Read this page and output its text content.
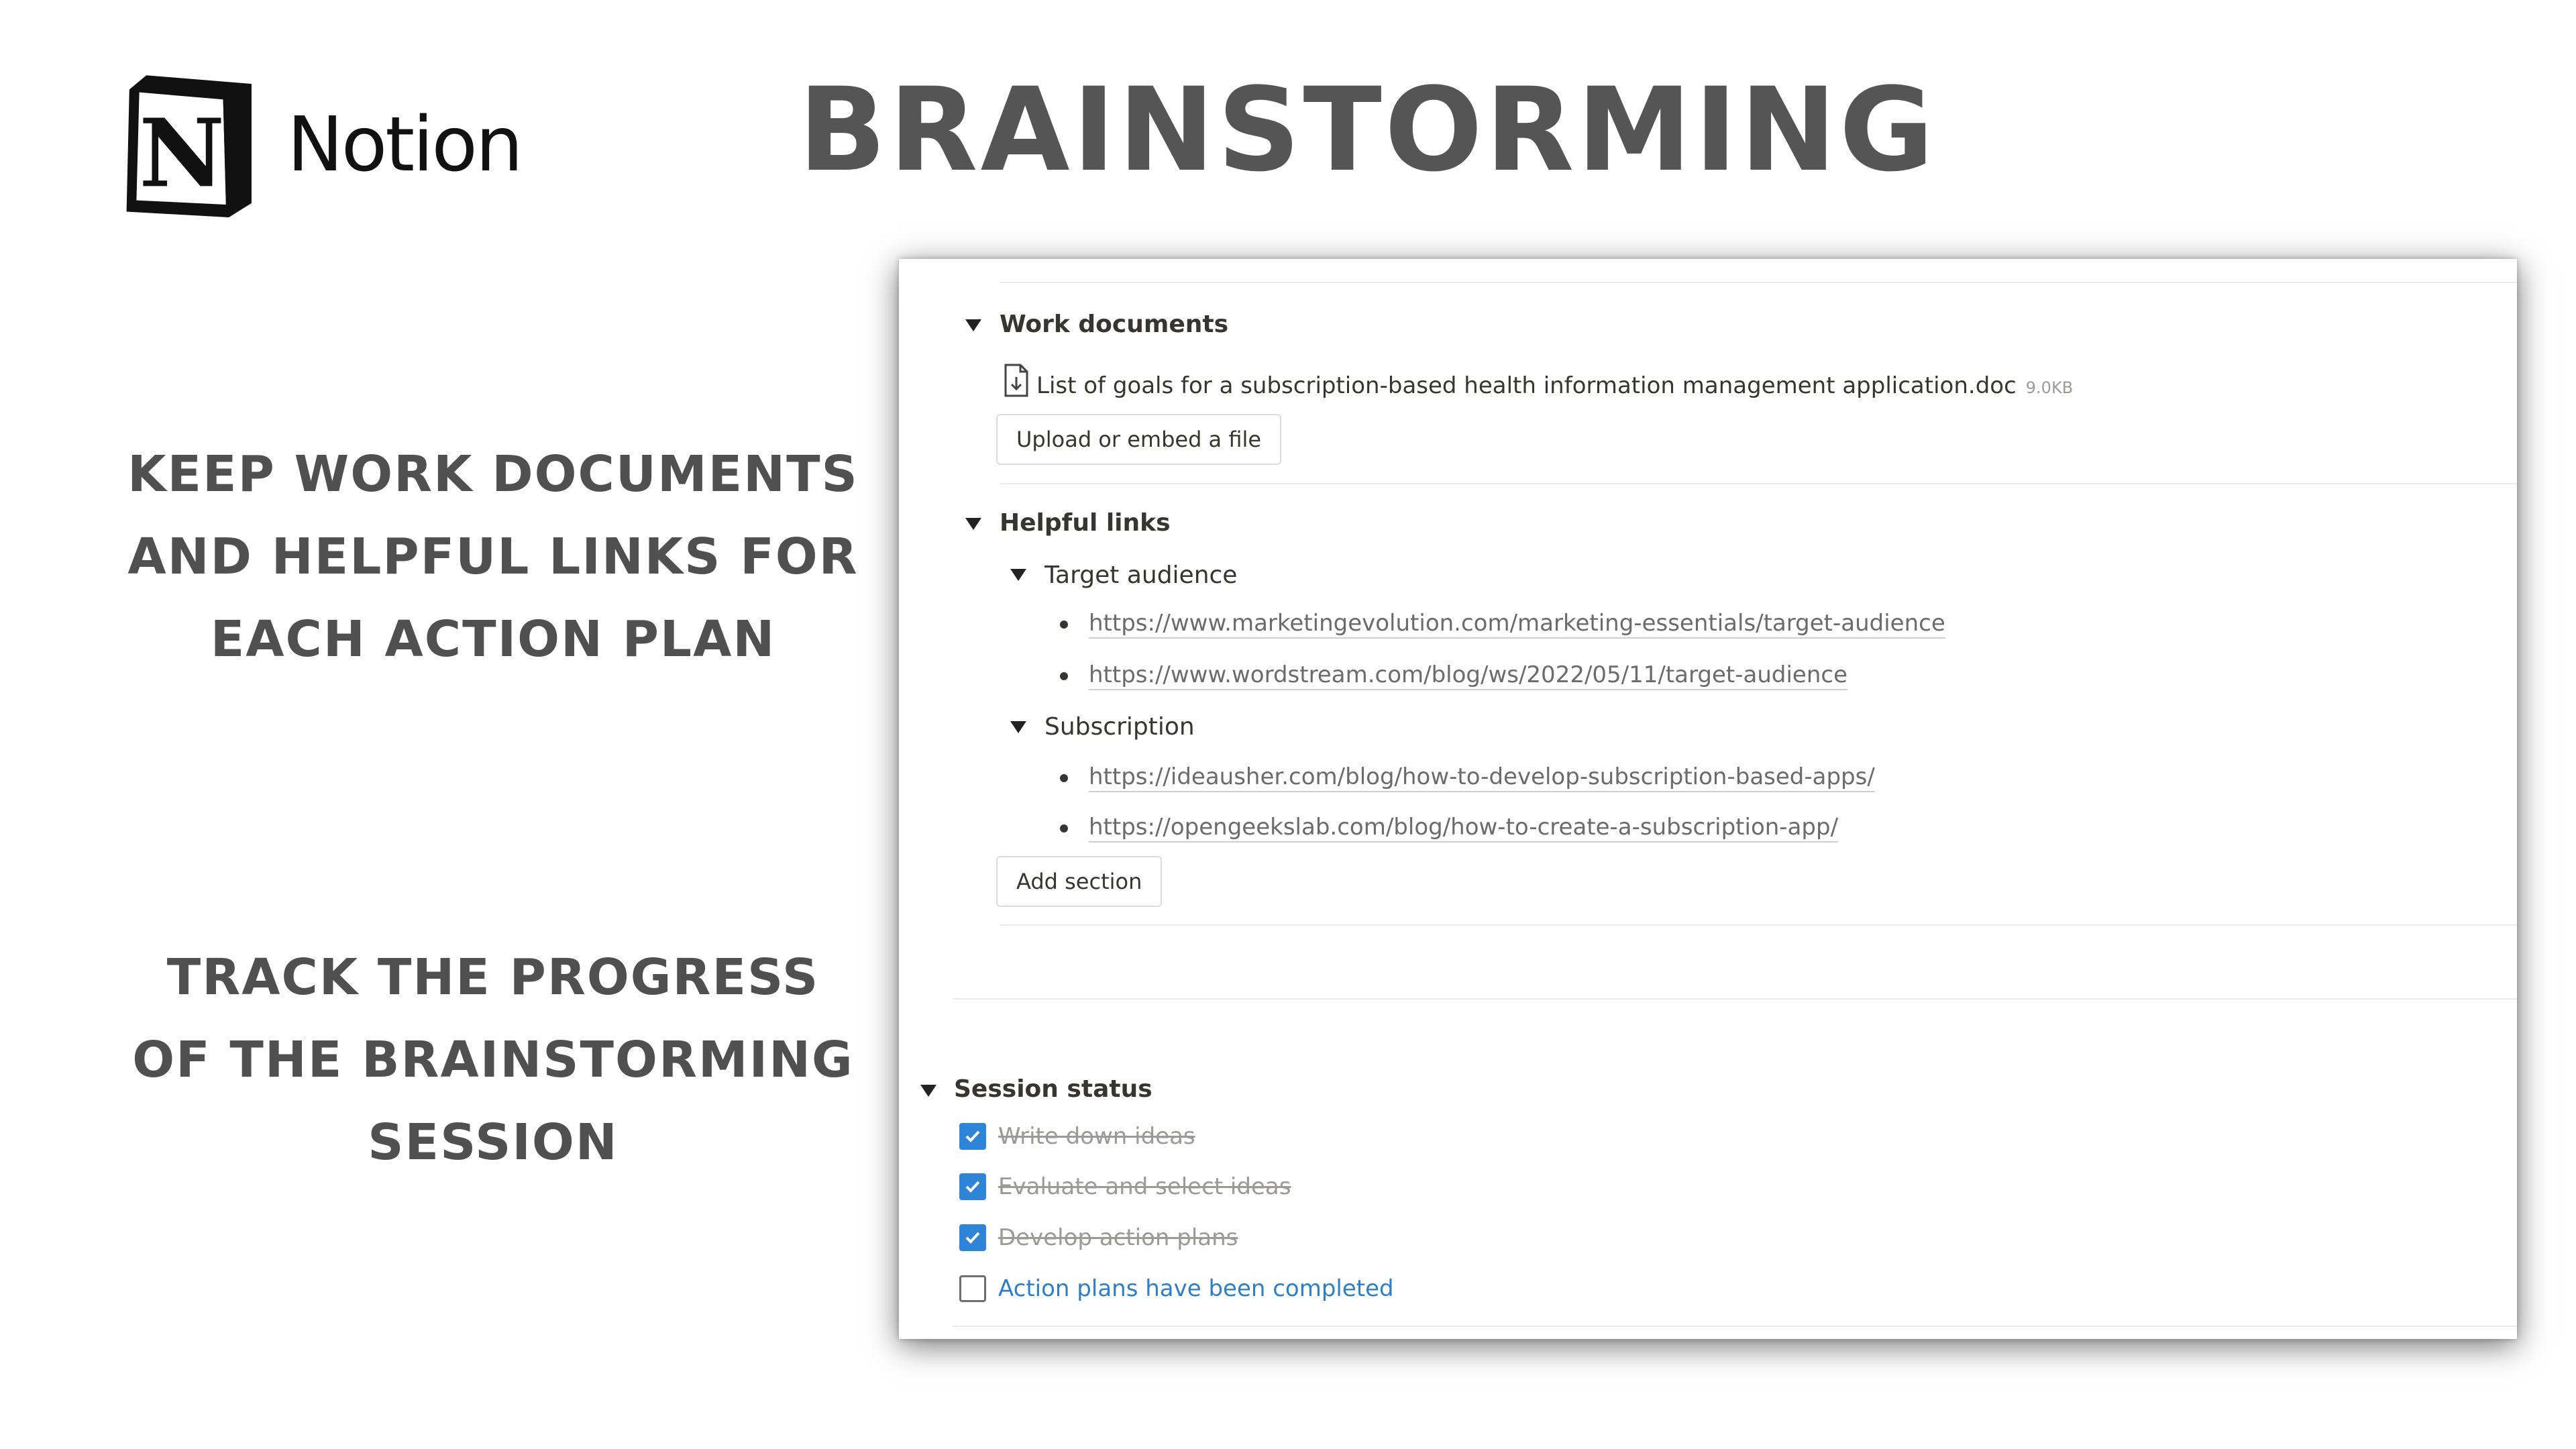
N Notion BRAINSTORMING
KEEP WORK DOCUMENTS
AND HELPFUL LINKS FOR
EACH ACTION PLAN
TRACK THE PROGRESS
OF THE BRAINSTORMING
SESSION
Work documents
List of goals for a subscription-based health information management application.doc 9.0KB
Upload or embed a file
Helpful links
Target audience
https://www.marketingevolution.com/marketing-essentials/target-audience
https://www.wordstream.com/blog/ws/2022/05/11/target-audience
Subscription
https://ideausher.com/blog/how-to-develop-subscription-based-apps/
https://opengeekslab.com/blog/how-to-create-a-subscription-app/
Add section
Session status
Write down ideas
Evaluate and select ideas
Develop action plans
Action plans have been completed
